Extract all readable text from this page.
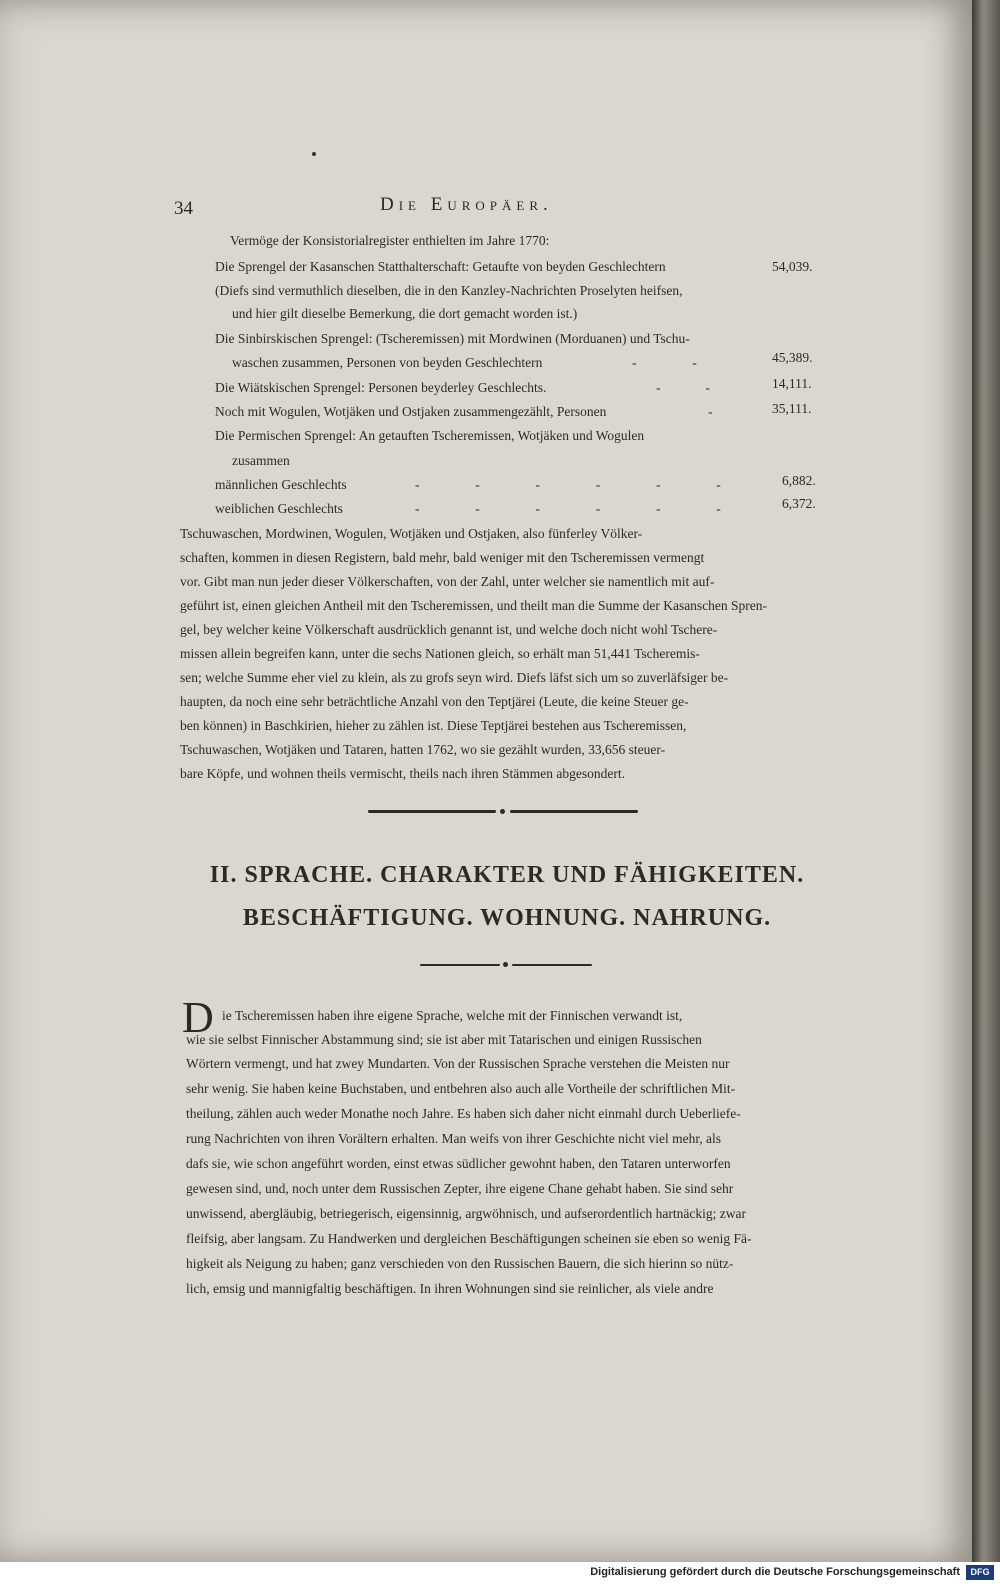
34	Die Europäer.
Vermöge der Konsistorialregister enthielten im Jahre 1770:
Die Sprengel der Kasanschen Statthalterschaft: Getaufte von beyden Geschlechtern	54,039.
(Diefs sind vermuthlich dieselben, die in den Kanzley-Nachrichten Proselyten heifsen,
und hier gilt dieselbe Bemerkung, die dort gemacht worden ist.)
Die Sinbirskischen Sprengel: (Tscheremissen) mit Mordwinen (Morduanen) und Tschu-
waschen zusammen, Personen von beyden Geschlechtern	-          -	45,389.
Die Wiätskischen Sprengel: Personen beyderley Geschlechts.	-        -	14,111.
Noch mit Wogulen, Wotjäken und Ostjaken zusammengezählt, Personen	-	35,111.
Die Permischen Sprengel: An getauften Tscheremissen, Wotjäken und Wogulen
zusammen
männlichen Geschlechts	-          -          -          -          -          -	6,882.
weiblichen Geschlechts	-          -          -          -          -          -	6,372.
Tschuwaschen, Mordwinen, Wogulen, Wotjäken und Ostjaken, also fünferley Völker-
schaften, kommen in diesen Registern, bald mehr, bald weniger mit den Tscheremissen vermengt
vor. Gibt man nun jeder dieser Völkerschaften, von der Zahl, unter welcher sie namentlich mit auf-
geführt ist, einen gleichen Antheil mit den Tscheremissen, und theilt man die Summe der Kasanschen Spren-
gel, bey welcher keine Völkerschaft ausdrücklich genannt ist, und welche doch nicht wohl Tschere-
missen allein begreifen kann, unter die sechs Nationen gleich, so erhält man 51,441 Tscheremis-
sen; welche Summe eher viel zu klein, als zu grofs seyn wird. Diefs läfst sich um so zuverläfsiger be-
haupten, da noch eine sehr beträchtliche Anzahl von den Teptjärei (Leute, die keine Steuer ge-
ben können) in Baschkirien, hieher zu zählen ist. Diese Teptjärei bestehen aus Tscheremissen,
Tschuwaschen, Wotjäken und Tataren, hatten 1762, wo sie gezählt wurden, 33,656 steuer-
bare Köpfe, und wohnen theils vermischt, theils nach ihren Stämmen abgesondert.
II. SPRACHE. CHARAKTER UND FÄHIGKEITEN.
BESCHÄFTIGUNG. WOHNUNG. NAHRUNG.
D ie Tscheremissen haben ihre eigene Sprache, welche mit der Finnischen verwandt ist,
wie sie selbst Finnischer Abstammung sind; sie ist aber mit Tatarischen und einigen Russischen
Wörtern vermengt, und hat zwey Mundarten. Von der Russischen Sprache verstehen die Meisten nur
sehr wenig. Sie haben keine Buchstaben, und entbehren also auch alle Vortheile der schriftlichen Mit-
theilung, zählen auch weder Monathe noch Jahre. Es haben sich daher nicht einmahl durch Ueberliefe-
rung Nachrichten von ihren Vorältern erhalten. Man weifs von ihrer Geschichte nicht viel mehr, als
dafs sie, wie schon angeführt worden, einst etwas südlicher gewohnt haben, den Tataren unterworfen
gewesen sind, und, noch unter dem Russischen Zepter, ihre eigene Chane gehabt haben. Sie sind sehr
unwissend, abergläubig, betriegerisch, eigensinnig, argwöhnisch, und aufserordentlich hartnäckig; zwar
fleifsig, aber langsam. Zu Handwerken und dergleichen Beschäftigungen scheinen sie eben so wenig Fä-
higkeit als Neigung zu haben; ganz verschieden von den Russischen Bauern, die sich hierinn so nütz-
lich, emsig und mannigfaltig beschäftigen. In ihren Wohnungen sind sie reinlicher, als viele andre
Digitalisierung gefördert durch die Deutsche Forschungsgemeinschaft	DFG
